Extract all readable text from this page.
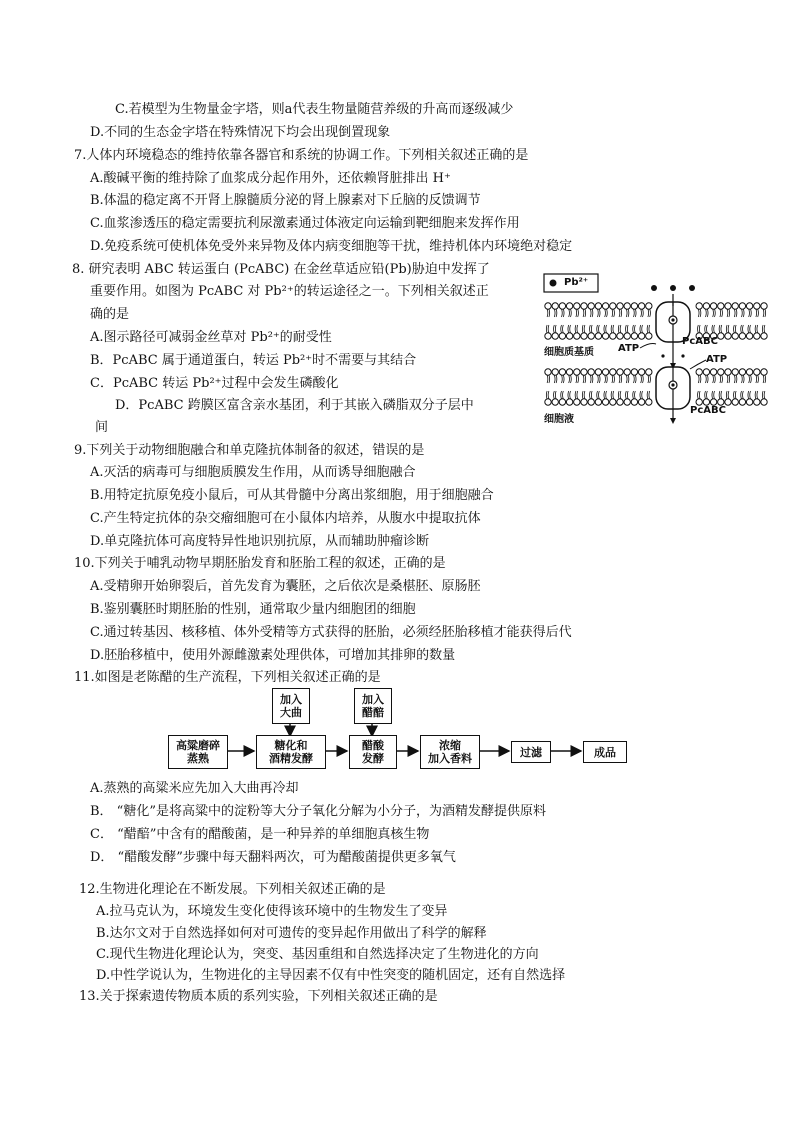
C.若模型为生物量金字塔，则a代表生物量随营养级的升高而逐级减少
D.不同的生态金字塔在特殊情况下均会出现倒置现象
7.人体内环境稳态的维持依靠各器官和系统的协调工作。下列相关叙述正确的是
A.酸碱平衡的维持除了血浆成分起作用外，还依赖肾脏排出 H⁺
B.体温的稳定离不开肾上腺髓质分泌的肾上腺素对下丘脑的反馈调节
C.血浆渗透压的稳定需要抗利尿激素通过体液定向运输到靶细胞来发挥作用
D.免疫系统可使机体免受外来异物及体内病变细胞等干扰，维持机体内环境绝对稳定
8. 研究表明 ABC 转运蛋白 (PcABC) 在金丝草适应铅(Pb)胁迫中发挥了
重要作用。如图为 PcABC 对 Pb²⁺的转运途径之一。下列相关叙述正
确的是
A.图示路径可减弱金丝草对 Pb²⁺的耐受性
B．PcABC 属于通道蛋白，转运 Pb²⁺时不需要与其结合
C．PcABC 转运 Pb²⁺过程中会发生磷酸化
D．PcABC 跨膜区富含亲水基团，利于其嵌入磷脂双分子层中
间
9.下列关于动物细胞融合和单克隆抗体制备的叙述，错误的是
A.灭活的病毒可与细胞质膜发生作用，从而诱导细胞融合
B.用特定抗原免疫小鼠后，可从其骨髓中分离出浆细胞，用于细胞融合
C.产生特定抗体的杂交瘤细胞可在小鼠体内培养，从腹水中提取抗体
D.单克隆抗体可高度特异性地识别抗原，从而辅助肿瘤诊断
10.下列关于哺乳动物早期胚胎发育和胚胎工程的叙述，正确的是
A.受精卵开始卵裂后，首先发育为囊胚，之后依次是桑椹胚、原肠胚
B.鉴别囊胚时期胚胎的性别，通常取少量内细胞团的细胞
C.通过转基因、核移植、体外受精等方式获得的胚胎，必须经胚胎移植才能获得后代
D.胚胎移植中，使用外源雌激素处理供体，可增加其排卵的数量
11.如图是老陈醋的生产流程，下列相关叙述正确的是
A.蒸熟的高粱米应先加入大曲再冷却
B． “糖化”是将高粱中的淀粉等大分子氧化分解为小分子，为酒精发酵提供原料
C． “醋醅”中含有的醋酸菌，是一种异养的单细胞真核生物
D． “醋酸发酵”步骤中每天翻料两次，可为醋酸菌提供更多氧气
12.生物进化理论在不断发展。下列相关叙述正确的是
A.拉马克认为，环境发生变化使得该环境中的生物发生了变异
B.达尔文对于自然选择如何对可遗传的变异起作用做出了科学的解释
C.现代生物进化理论认为，突变、基因重组和自然选择决定了生物进化的方向
D.中性学说认为，生物进化的主导因素不仅有中性突变的随机固定，还有自然选择
13.关于探索遗传物质本质的系列实验，下列相关叙述正确的是
Pb²⁺
细胞质基质 ATP
PcABC
ATP
细胞液
PcABC
加入
大曲
加入
醋醅
高粱磨碎
蒸熟
糖化和
酒精发酵
醋酸
发酵
浓缩
加入香料	过滤	成品
